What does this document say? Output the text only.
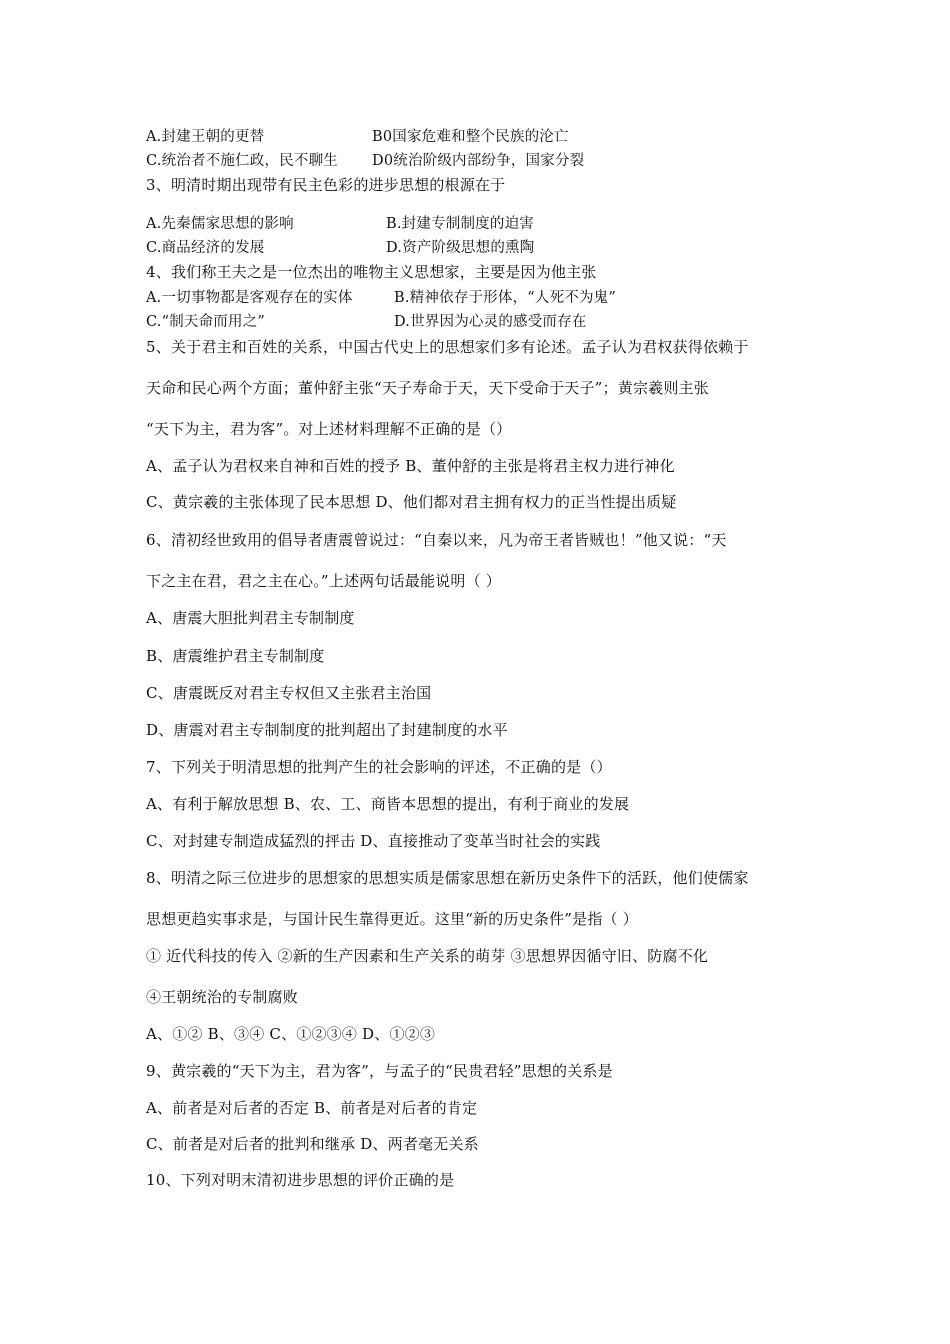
A.封建王朝的更替	B0国家危难和整个民族的沦亡
C.统治者不施仁政，民不聊生 D0统治阶级内部纷争，国家分裂
3、明清时期出现带有民主色彩的进步思想的根源在于
A.先秦儒家思想的影响	B.封建专制制度的迫害
C.商品经济的发展	D.资产阶级思想的熏陶
4、我们称王夫之是一位杰出的唯物主义思想家，主要是因为他主张
A.一切事物都是客观存在的实体	B.精神依存于形体，“人死不为鬼”
C.“制天命而用之”	D.世界因为心灵的感受而存在
5、关于君主和百姓的关系，中国古代史上的思想家们多有论述。孟子认为君权获得依赖于
天命和民心两个方面；董仲舒主张“天子寿命于天，天下受命于天子”；黄宗羲则主张
“天下为主，君为客”。对上述材料理解不正确的是（）
A、孟子认为君权来自神和百姓的授予 B、董仲舒的主张是将君主权力进行神化
C、黄宗羲的主张体现了民本思想 D、他们都对君主拥有权力的正当性提出质疑
6、清初经世致用的倡导者唐震曾说过：“自秦以来，凡为帝王者皆贼也！”他又说：“天
下之主在君，君之主在心。”上述两句话最能说明（ ）
A、唐震大胆批判君主专制制度
B、唐震维护君主专制制度
C、唐震既反对君主专权但又主张君主治国
D、唐震对君主专制制度的批判超出了封建制度的水平
7、下列关于明清思想的批判产生的社会影响的评述，不正确的是（）
A、有利于解放思想 B、农、工、商皆本思想的提出，有利于商业的发展
C、对封建专制造成猛烈的抨击 D、直接推动了变革当时社会的实践
8、明清之际三位进步的思想家的思想实质是儒家思想在新历史条件下的活跃，他们使儒家
思想更趋实事求是，与国计民生靠得更近。这里“新的历史条件”是指（ ）
① 近代科技的传入 ②新的生产因素和生产关系的萌芽 ③思想界因循守旧、防腐不化
④王朝统治的专制腐败
A、①② B、③④ C、①②③④ D、①②③
9、黄宗羲的“天下为主，君为客”，与孟子的“民贵君轻”思想的关系是
A、前者是对后者的否定 B、前者是对后者的肯定
C、前者是对后者的批判和继承 D、两者毫无关系
10、下列对明末清初进步思想的评价正确的是
